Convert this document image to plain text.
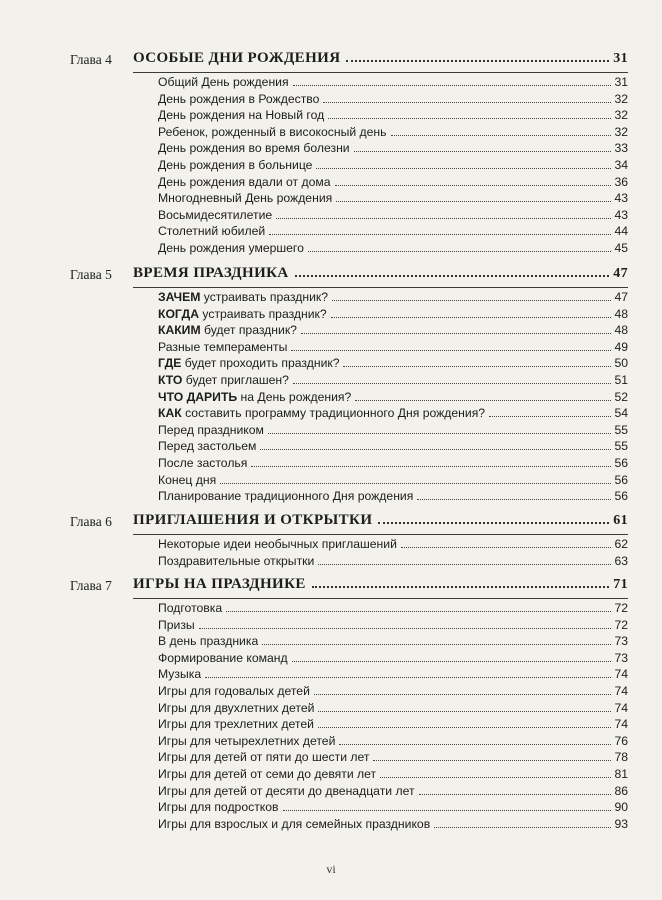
Глава 4 ОСОБЫЕ ДНИ РОЖДЕНИЯ	31
Общий День рождения	31
День рождения в Рождество	32
День рождения на Новый год	32
Ребенок, рожденный в високосный день	32
День рождения во время болезни	33
День рождения в больнице	34
День рождения вдали от дома	36
Многодневный День рождения	43
Восьмидесятилетие	43
Столетний юбилей	44
День рождения умершего	45
Глава 5 ВРЕМЯ ПРАЗДНИКА	47
ЗАЧЕМ устраивать праздник?	47
КОГДА устраивать праздник?	48
КАКИМ будет праздник?	48
Разные темпераменты	49
ГДЕ будет проходить праздник?	50
КТО будет приглашен?	51
ЧТО ДАРИТЬ на День рождения?	52
КАК составить программу традиционного Дня рождения?	54
Перед праздником	55
Перед застольем	55
После застолья	56
Конец дня	56
Планирование традиционного Дня рождения	56
Глава 6 ПРИГЛАШЕНИЯ И ОТКРЫТКИ	61
Некоторые идеи необычных приглашений	62
Поздравительные открытки	63
Глава 7 ИГРЫ НА ПРАЗДНИКЕ	71
Подготовка	72
Призы	72
В день праздника	73
Формирование команд	73
Музыка	74
Игры для годовалых детей	74
Игры для двухлетних детей	74
Игры для трехлетних детей	74
Игры для четырехлетних детей	76
Игры для детей от пяти до шести лет	78
Игры для детей от семи до девяти лет	81
Игры для детей от десяти до двенадцати лет	86
Игры для подростков	90
Игры для взрослых и для семейных праздников	93
vi
